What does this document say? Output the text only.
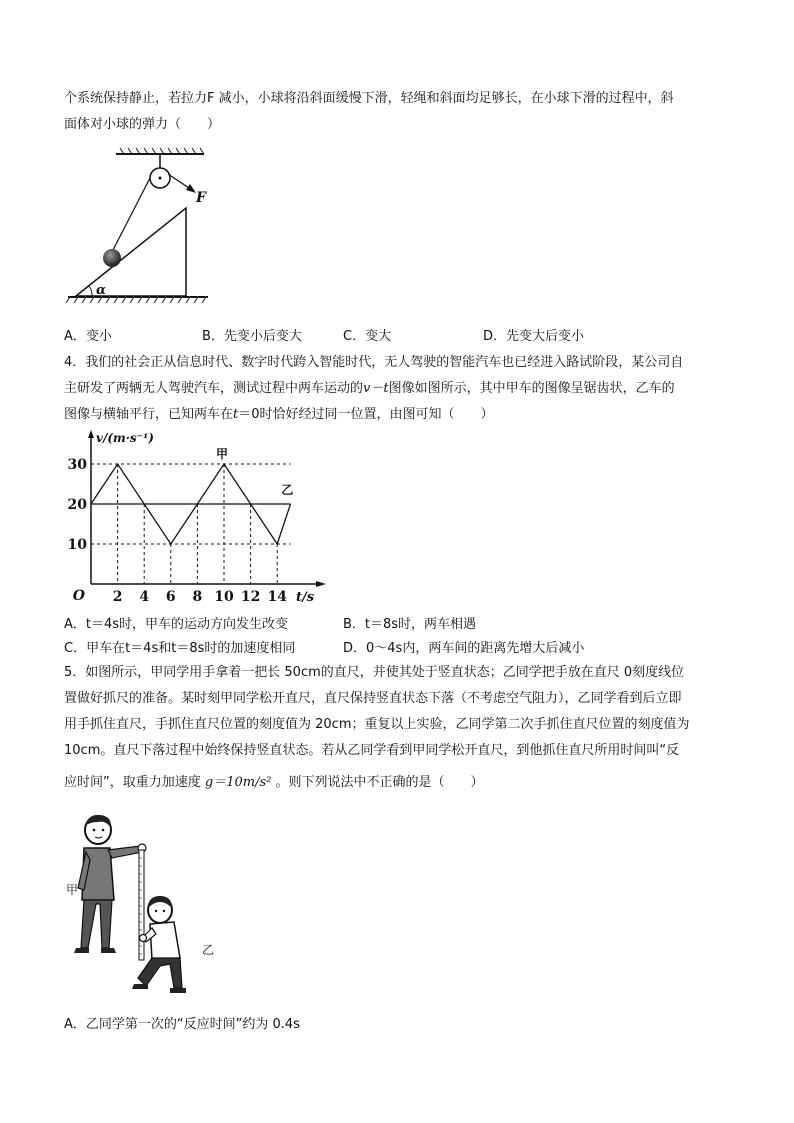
个系统保持静止，若拉力F 减小，小球将沿斜面缓慢下滑，轻绳和斜面均足够长，在小球下滑的过程中，斜
面体对小球的弹力（　　）
F
α
A．变小	B．先变小后变大	C．变大	D．先变大后变小
4．我们的社会正从信息时代、数字时代跨入智能时代，无人驾驶的智能汽车也已经进入路试阶段，某公司自
主研发了两辆无人驾驶汽车，测试过程中两车运动的v－t图像如图所示，其中甲车的图像呈锯齿状，乙车的
图像与横轴平行，已知两车在t＝0时恰好经过同一位置，由图可知（　　）
2 4 6 8 10 12 14
10
20
30
O
v/(m·s⁻¹)
t/s
甲
乙
A．t＝4s时，甲车的运动方向发生改变	B．t＝8s时，两车相遇
C．甲车在t＝4s和t＝8s时的加速度相同	D．0～4s内，两车间的距离先增大后减小
5．如图所示，甲同学用手拿着一把长 50cm的直尺，并使其处于竖直状态；乙同学把手放在直尺 0刻度线位
置做好抓尺的准备。某时刻甲同学松开直尺，直尺保持竖直状态下落（不考虑空气阻力），乙同学看到后立即
用手抓住直尺，手抓住直尺位置的刻度值为 20cm；重复以上实验，乙同学第二次手抓住直尺位置的刻度值为
10cm。直尺下落过程中始终保持竖直状态。若从乙同学看到甲同学松开直尺，到他抓住直尺所用时间叫“反
应时间”，取重力加速度 g＝10m/s² 。则下列说法中不正确的是（　　）
甲
乙
A．乙同学第一次的“反应时间”约为 0.4s
